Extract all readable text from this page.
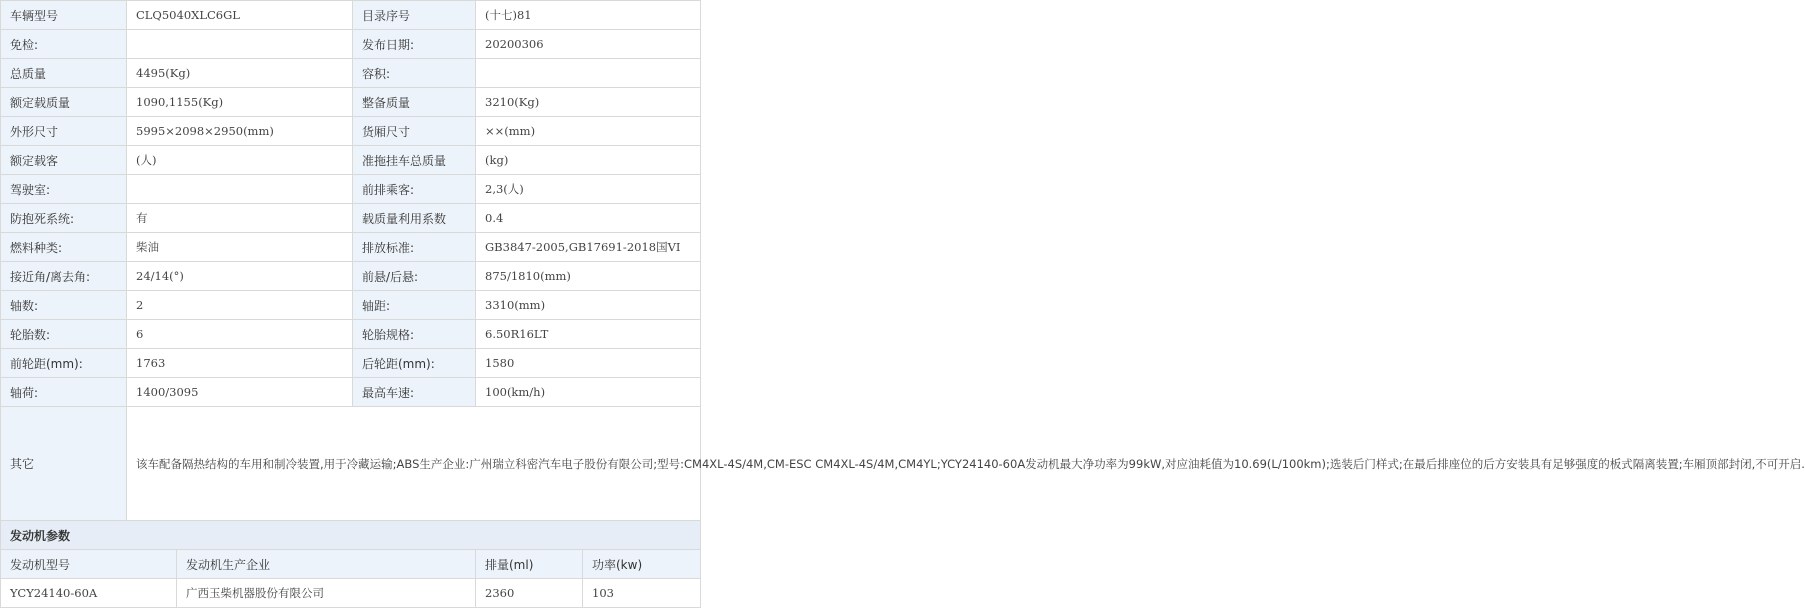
车辆型号	CLQ5040XLC6GL		目录序号	(十七)81	
免检:			发布日期:	20200306	
总质量	4495(Kg)		容积:		
额定载质量	1090,1155(Kg)		整备质量	3210(Kg)	
外形尺寸	5995×2098×2950(mm)		货厢尺寸	××(mm)	
额定载客	(人)		准拖挂车总质量	(kg)	
驾驶室:			前排乘客:	2,3(人)	
防抱死系统:	有		载质量利用系数	0.4	
燃料种类:	柴油		排放标准:	GB3847-2005,GB17691-2018国VI	
接近角/离去角:	24/14(°)		前悬/后悬:	875/1810(mm)	
轴数:	2		轴距:	3310(mm)	
轮胎数:	6		轮胎规格:	6.50R16LT	
前轮距(mm):	1763		后轮距(mm):	1580	
轴荷:	1400/3095		最高车速:	100(km/h)	
其它	该车配备隔热结构的车用和制冷装置,用于冷藏运输;ABS生产企业:广州瑞立科密汽车电子股份有限公司;型号:CM4XL-4S/4M,CM-ESC CM4XL-4S/4M,CM4YL;YCY24140-60A发动机最大净功率为99kW,对应油耗值为10.69(L/100km);选装后门样式;在最后排座位的后方安装具有足够强度的板式隔离装置;车厢顶部封闭,不可开启.				
发动机参数					
发动机型号		发动机生产企业		排量(ml)	功率(kw)
YCY24140-60A		广西玉柴机器股份有限公司		2360	103
